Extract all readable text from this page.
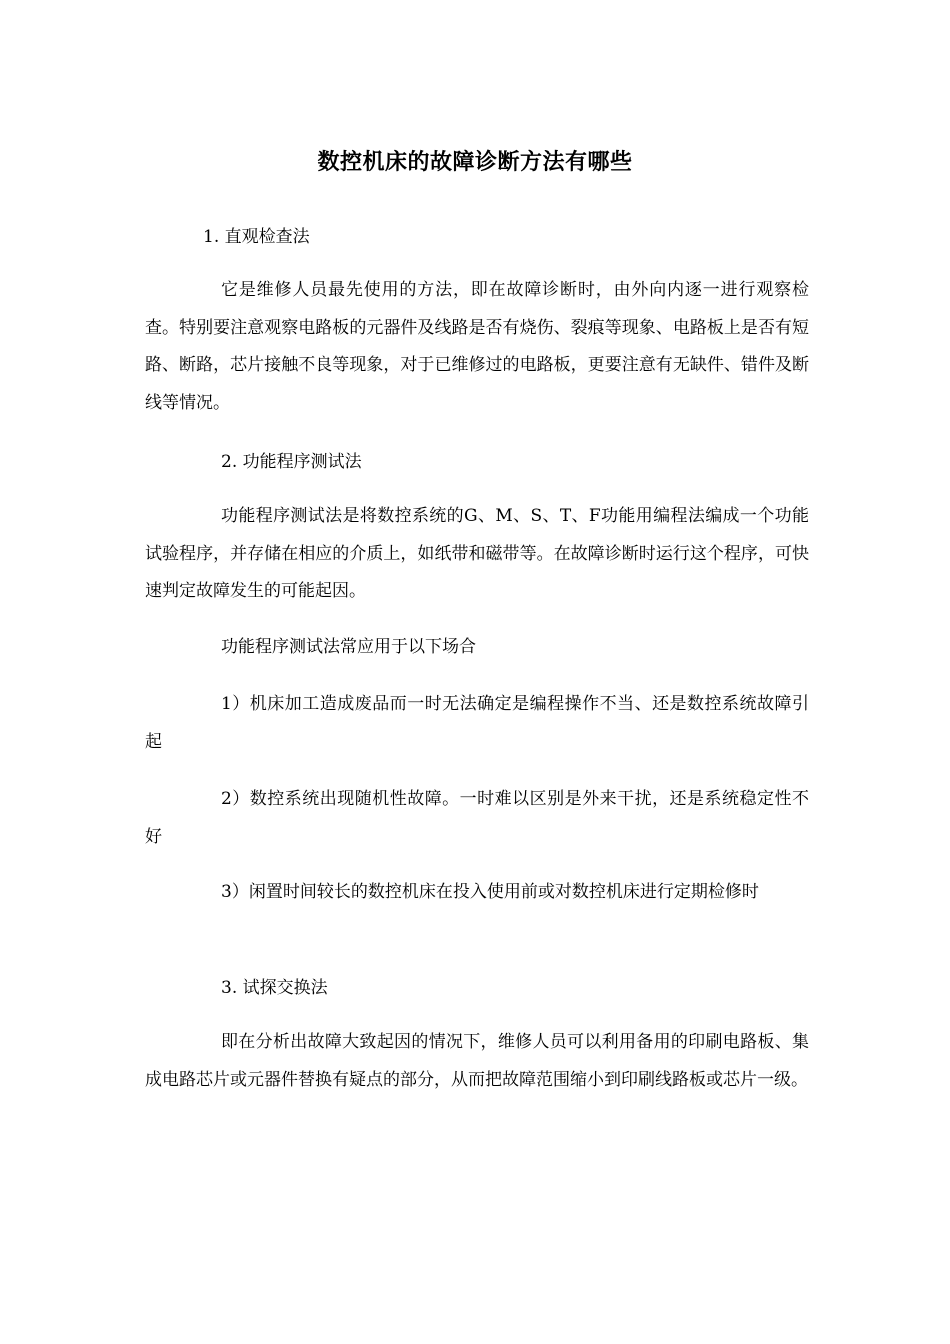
数控机床的故障诊断方法有哪些
1. 直观检查法

它是维修人员最先使用的方法，即在故障诊断时，由外向内逐一进行观察检查。特别要注意观察电路板的元器件及线路是否有烧伤、裂痕等现象、电路板上是否有短路、断路，芯片接触不良等现象，对于已维修过的电路板，更要注意有无缺件、错件及断线等情况。

2. 功能程序测试法

功能程序测试法是将数控系统的G、M、S、T、F功能用编程法编成一个功能试验程序，并存储在相应的介质上，如纸带和磁带等。在故障诊断时运行这个程序，可快速判定故障发生的可能起因。

功能程序测试法常应用于以下场合

1）机床加工造成废品而一时无法确定是编程操作不当、还是数控系统故障引起

2）数控系统出现随机性故障。一时难以区别是外来干扰，还是系统稳定性不好

3）闲置时间较长的数控机床在投入使用前或对数控机床进行定期检修时

3. 试探交换法

即在分析出故障大致起因的情况下，维修人员可以利用备用的印刷电路板、集成电路芯片或元器件替换有疑点的部分，从而把故障范围缩小到印刷线路板或芯片一级。
